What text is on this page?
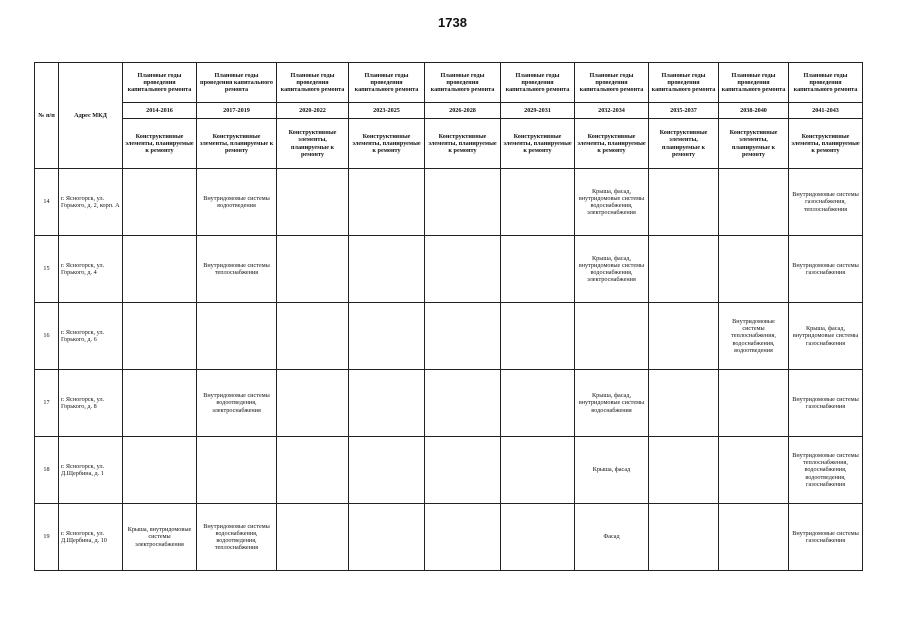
1738
№ п/п	Адрес МКД	Плановые годы проведения капитального ремонта	Плановые годы проведения капитального ремонта	Плановые годы проведения капитального ремонта	Плановые годы проведения капитального ремонта	Плановые годы проведения капитального ремонта	Плановые годы проведения капитального ремонта	Плановые годы проведения капитального ремонта	Плановые годы проведения капитального ремонта	Плановые годы проведения капитального ремонта	Плановые годы проведения капитального ремонта
		2014-2016	2017-2019	2020-2022	2023-2025	2026-2028	2029-2031	2032-2034	2035-2037	2038-2040	2041-2043
		Конструктивные элементы, планируемые к ремонту	Конструктивные элементы, планируемые к ремонту	Конструктивные элементы, планируемые к ремонту	Конструктивные элементы, планируемые к ремонту	Конструктивные элементы, планируемые к ремонту	Конструктивные элементы, планируемые к ремонту	Конструктивные элементы, планируемые к ремонту	Конструктивные элементы, планируемые к ремонту	Конструктивные элементы, планируемые к ремонту	Конструктивные элементы, планируемые к ремонту
14	г. Ясногорск, ул. Горького, д. 2, корп. А		Внутридомовые системы водоотведения					Крыша, фасад, внутридомовые системы водоснабжения, электроснабжения			Внутридомовые системы газоснабжения, теплоснабжения
15	г. Ясногорск, ул. Горького, д. 4		Внутридомовые системы теплоснабжения					Крыша, фасад, внутридомовые системы водоснабжения, электроснабжения			Внутридомовые системы газоснабжения
16	г. Ясногорск, ул. Горького, д. 6									Внутридомовые системы теплоснабжения, водоснабжения, водоотведения	Крыша, фасад, внутридомовые системы газоснабжения
17	г. Ясногорск, ул. Горького, д. 8		Внутридомовые системы водоотведения, электроснабжения					Крыша, фасад, внутридомовые системы водоснабжения			Внутридомовые системы газоснабжения
18	г. Ясногорск, ул. Д.Щербина, д. 1							Крыша, фасад			Внутридомовые системы теплоснабжения, водоснабжения, водоотведения, газоснабжения
19	г. Ясногорск, ул. Д.Щербина, д. 10	Крыша, внутридомовые системы электроснабжения	Внутридомовые системы водоснабжения, водоотведения, теплоснабжения					Фасад			Внутридомовые системы газоснабжения
